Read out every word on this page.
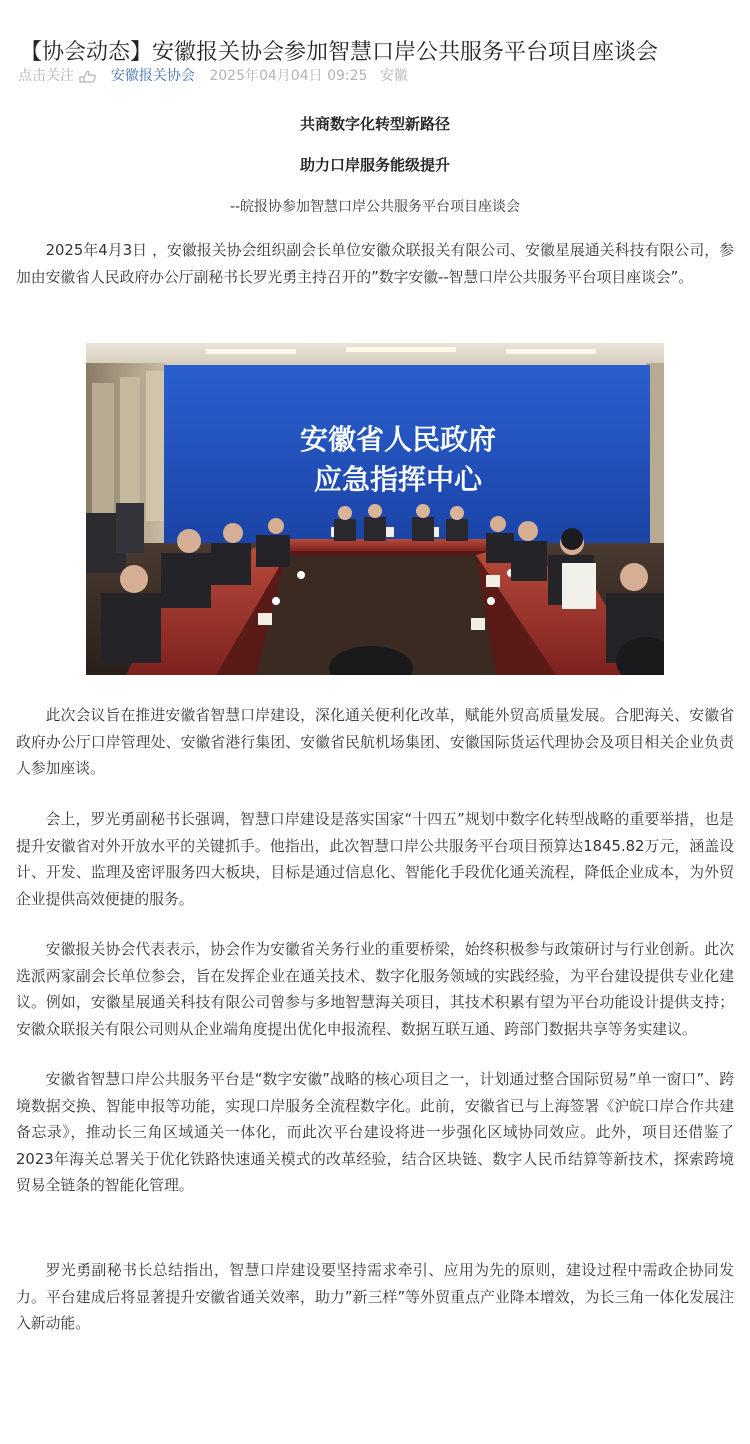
【协会动态】安徽报关协会参加智慧口岸公共服务平台项目座谈会
点击关注	安徽报关协会 2025年04月04日 09:25 安徽
共商数字化转型新路径
助力口岸服务能级提升
--皖报协参加智慧口岸公共服务平台项目座谈会

2025年4月3日 ，安徽报关协会组织副会长单位安徽众联报关有限公司、安徽星展通关科技有限公司，参加由安徽省人民政府办公厅副秘书长罗光勇主持召开的”数字安徽--智慧口岸公共服务平台项目座谈会”。

安徽省人民政府
应急指挥中心

此次会议旨在推进安徽省智慧口岸建设，深化通关便利化改革，赋能外贸高质量发展。合肥海关、安徽省政府办公厅口岸管理处、安徽省港行集团、安徽省民航机场集团、安徽国际货运代理协会及项目相关企业负责人参加座谈。

会上，罗光勇副秘书长强调，智慧口岸建设是落实国家“十四五”规划中数字化转型战略的重要举措，也是提升安徽省对外开放水平的关键抓手。他指出，此次智慧口岸公共服务平台项目预算达1845.82万元，涵盖设计、开发、监理及密评服务四大板块，目标是通过信息化、智能化手段优化通关流程，降低企业成本，为外贸企业提供高效便捷的服务。

安徽报关协会代表表示，协会作为安徽省关务行业的重要桥梁，始终积极参与政策研讨与行业创新。此次选派两家副会长单位参会，旨在发挥企业在通关技术、数字化服务领域的实践经验，为平台建设提供专业化建议。例如，安徽星展通关科技有限公司曾参与多地智慧海关项目，其技术积累有望为平台功能设计提供支持；安徽众联报关有限公司则从企业端角度提出优化申报流程、数据互联互通、跨部门数据共享等务实建议。

安徽省智慧口岸公共服务平台是“数字安徽”战略的核心项目之一，计划通过整合国际贸易”单一窗口”、跨境数据交换、智能申报等功能，实现口岸服务全流程数字化。此前，安徽省已与上海签署《沪皖口岸合作共建备忘录》，推动长三角区域通关一体化，而此次平台建设将进一步强化区域协同效应。此外，项目还借鉴了2023年海关总署关于优化铁路快速通关模式的改革经验，结合区块链、数字人民币结算等新技术，探索跨境贸易全链条的智能化管理。

罗光勇副秘书长总结指出，智慧口岸建设要坚持需求牵引、应用为先的原则，建设过程中需政企协同发力。平台建成后将显著提升安徽省通关效率，助力”新三样”等外贸重点产业降本增效，为长三角一体化发展注入新动能。
